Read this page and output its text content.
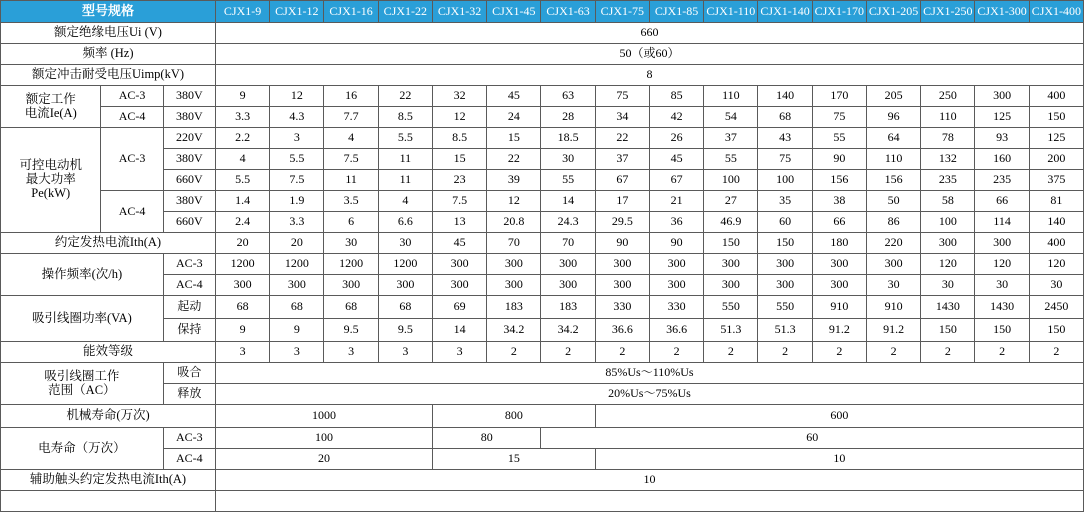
型号规格			CJX1-9	CJX1-12	CJX1-16	CJX1-22	CJX1-32	CJX1-45	CJX1-63	CJX1-75	CJX1-85	CJX1-110	CJX1-140	CJX1-170	CJX1-205	CJX1-250	CJX1-300	CJX1-400
额定绝缘电压Ui (V)			660															
频率 (Hz)			50（或60）															
额定冲击耐受电压Uimp(kV)			8															

额定工作
电流Ie(A)	AC-3	380V	9	12	16	22	32	45	63	75	85	110	140	170	205	250	300	400
	AC-4	380V	3.3	4.3	7.7	8.5	12	24	28	34	42	54	68	75	96	110	125	150

可控电动机
最大功率
Pe(kW)	AC-3	220V	2.2	3	4	5.5	8.5	15	18.5	22	26	37	43	55	64	78	93	125
		380V	4	5.5	7.5	11	15	22	30	37	45	55	75	90	110	132	160	200
		660V	5.5	7.5	11	11	23	39	55	67	67	100	100	156	156	235	235	375
	AC-4	380V	1.4	1.9	3.5	4	7.5	12	14	17	21	27	35	38	50	58	66	81
		660V	2.4	3.3	6	6.6	13	20.8	24.3	29.5	36	46.9	60	66	86	100	114	140
约定发热电流Ith(A)			20	20	30	30	45	70	70	90	90	150	150	180	220	300	300	400
操作频率(次/h)		AC-3	1200	1200	1200	1200	300	300	300	300	300	300	300	300	300	120	120	120
		AC-4	300	300	300	300	300	300	300	300	300	300	300	300	30	30	30	30
吸引线圈功率(VA)		起动	68	68	68	68	69	183	183	330	330	550	550	910	910	1430	1430	2450
		保持	9	9	9.5	9.5	14	34.2	34.2	36.6	36.6	51.3	51.3	91.2	91.2	150	150	150
能效等级			3	3	3	3	3	2	2	2	2	2	2	2	2	2	2	2

吸引线圈工作
范围（AC）		吸合	85%Us～110%Us															
		释放	20%Us～75%Us															
机械寿命(万次)			1000				800			600								
电寿命（万次）		AC-3	100				80		60									
		AC-4	20				15			10								
辅助触头约定发热电流Ith(A)			10															
